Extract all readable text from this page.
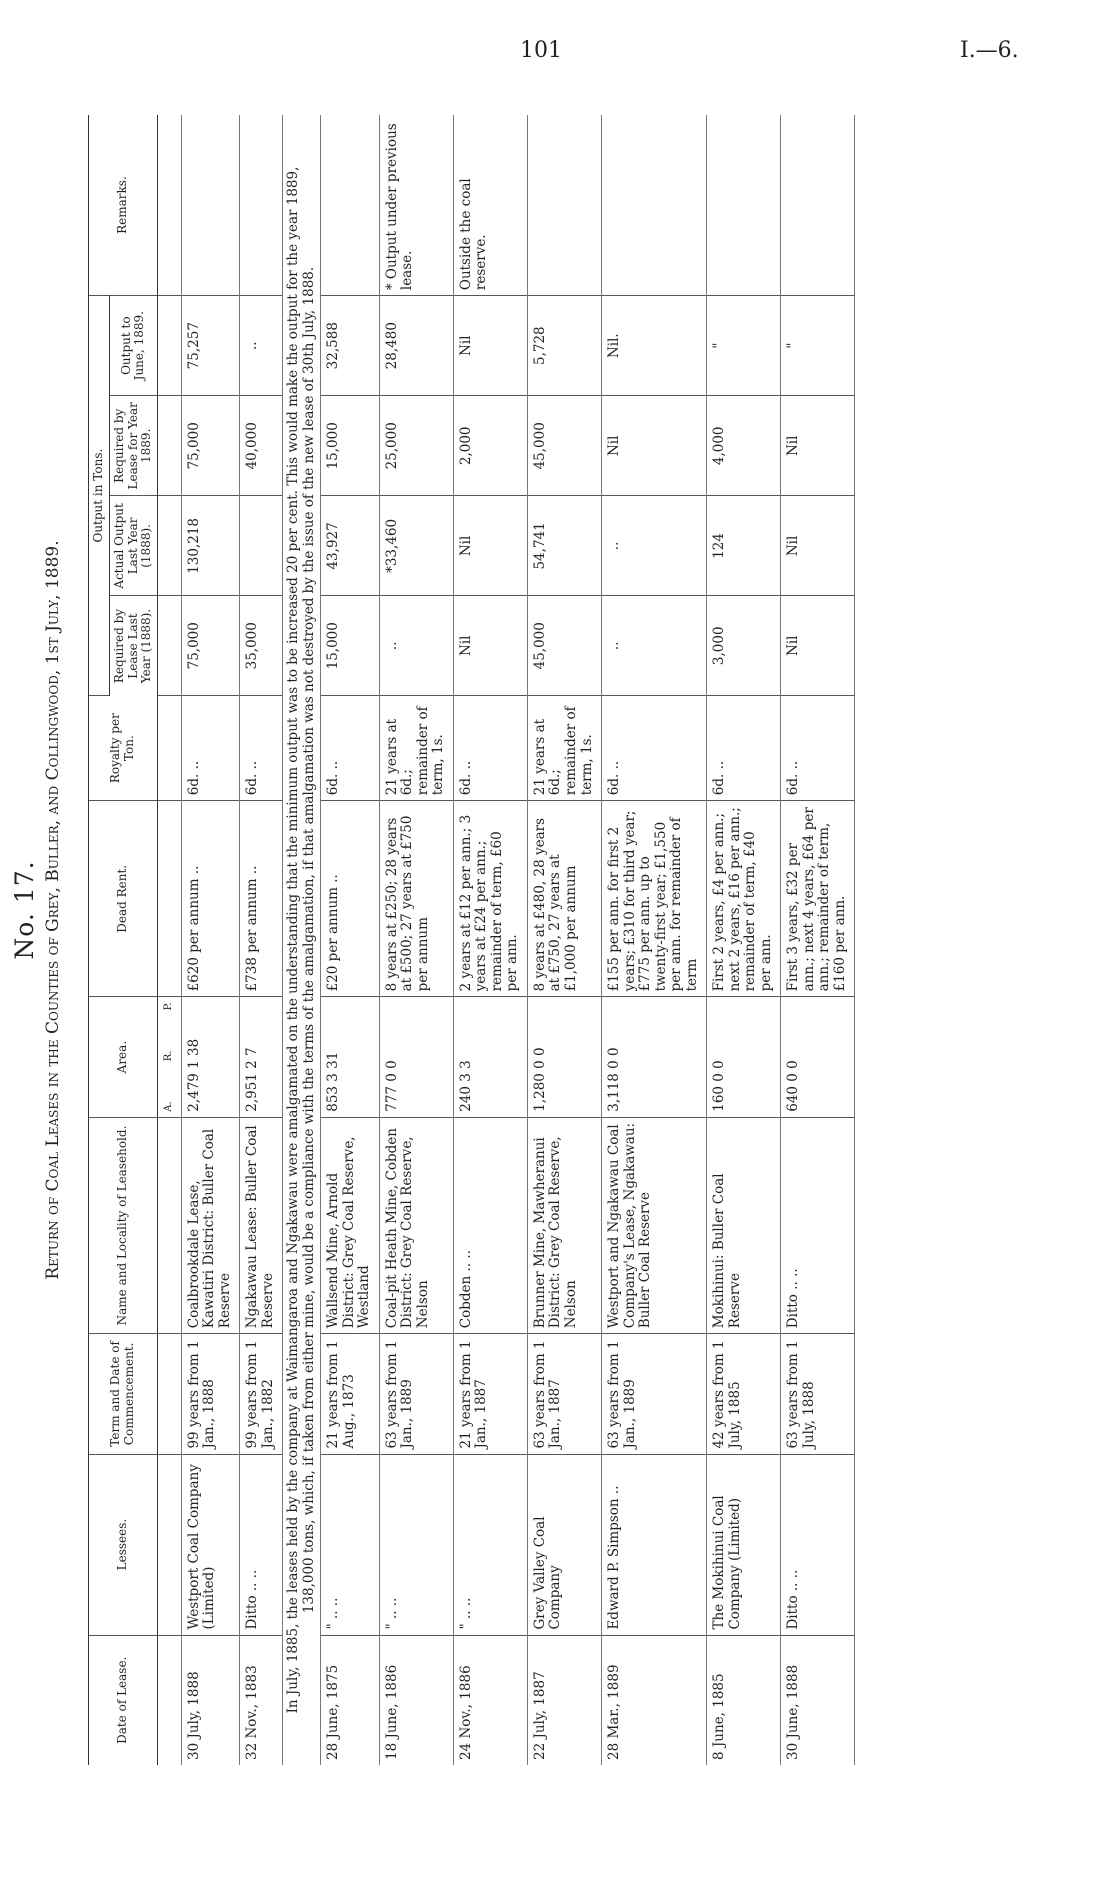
101	I.—6.
No. 17. Return of Coal Leases in the Counties of Grey, Buller, and Collingwood, 1st July, 1889.
Date of Lease.	Lessees.	Term and Date of Commencement.	Name and Locality of Leasehold.	Area.	Dead Rent.	Royalty per Ton.	Output in Tons.				Remarks.
							Required by Lease Last Year (1888).	Actual Output Last Year (1888).	Required by Lease for Year 1889.	Output to June, 1889.	

				A.
R.
P.							

30 July, 1888	Westport Coal Company (Limited)	99 years from 1 Jan., 1888	Coalbrookdale Lease, Kawatiri District: Buller Coal Reserve	2,479 1 38	£620 per annum ..	6d. ..	75,000	130,218	75,000	75,257	
32 Nov., 1883	Ditto .. ..	99 years from 1 Jan., 1882	Ngakawau Lease: Buller Coal Reserve	2,951 2 7	£738 per annum ..	6d. ..	35,000		40,000	..	
In July, 1885, the leases held by the company at Waimangaroa and Ngakawau were amalgamated on the understanding that the minimum output was to be increased 20 per cent. This would make the output for the year 1889, 138,000 tons, which, if taken from either mine, would be a compliance with the terms of the amalgamation, if that amalgamation was not destroyed by the issue of the new lease of 30th July, 1888.											
28 June, 1875	" .. ..	21 years from 1 Aug., 1873	Wallsend Mine, Arnold District: Grey Coal Reserve, Westland	853 3 31	£20 per annum ..	6d. ..	15,000	43,927	15,000	32,588	
18 June, 1886	" .. ..	63 years from 1 Jan., 1889	Coal-pit Heath Mine, Cobden District: Grey Coal Reserve, Nelson	777 0 0	8 years at £250; 28 years at £500; 27 years at £750 per annum	21 years at 6d.; remainder of term, 1s.	..	*33,460	25,000	28,480	* Output under previous lease.
24 Nov., 1886	" .. ..	21 years from 1 Jan., 1887	Cobden .. ..	240 3 3	2 years at £12 per ann.; 3 years at £24 per ann.; remainder of term, £60 per ann.	6d. ..	Nil	Nil	2,000	Nil	Outside the coal reserve.
22 July, 1887	Grey Valley Coal Company	63 years from 1 Jan., 1887	Brunner Mine, Mawheranui District: Grey Coal Reserve, Nelson	1,280 0 0	8 years at £480, 28 years at £750, 27 years at £1,000 per annum	21 years at 6d.; remainder of term, 1s.	45,000	54,741	45,000	5,728	
28 Mar., 1889	Edward P. Simpson ..	63 years from 1 Jan., 1889	Westport and Ngakawau Coal Company's Lease, Ngakawau: Buller Coal Reserve	3,118 0 0	£155 per ann. for first 2 years; £310 for third year; £775 per ann. up to twenty-first year; £1,550 per ann. for remainder of term	6d. ..	..	..	Nil	Nil.	
8 June, 1885	The Mokihinui Coal Company (Limited)	42 years from 1 July, 1885	Mokihinui: Buller Coal Reserve	160 0 0	First 2 years, £4 per ann.; next 2 years, £16 per ann.; remainder of term, £40 per ann.	6d. ..	3,000	124	4,000	"	
30 June, 1888	Ditto .. ..	63 years from 1 July, 1888	Ditto .. ..	640 0 0	First 3 years, £32 per ann.; next 4 years, £64 per ann.; remainder of term, £160 per ann.	6d. ..	Nil	Nil	Nil	"	
